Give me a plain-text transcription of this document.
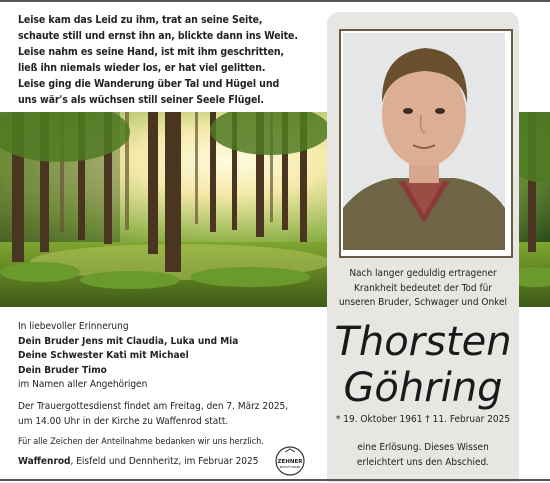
Leise kam das Leid zu ihm, trat an seine Seite,
schaute still und ernst ihn an, blickte dann ins Weite.
Leise nahm es seine Hand, ist mit ihm geschritten,
ließ ihn niemals wieder los, er hat viel gelitten.
Leise ging die Wanderung über Tal und Hügel und
uns wär's als wüchsen still seiner Seele Flügel.
Nach langer geduldig ertragener
Krankheit bedeutet der Tod für
unseren Bruder, Schwager und Onkel
Thorsten
Göhring
* 19. Oktober 1961 † 11. Februar 2025
eine Erlösung. Dieses Wissen
erleichtert uns den Abschied.
In liebevoller Erinnerung
Dein Bruder Jens mit Claudia, Luka und Mia
Deine Schwester Kati mit Michael
Dein Bruder Timo
im Namen aller Angehörigen
Der Trauergottesdienst findet am Freitag, den 7. März 2025,
um 14.00 Uhr in der Kirche zu Waffenrod statt.
Für alle Zeichen der Anteilnahme bedanken wir uns herzlich.
Waffenrod, Eisfeld und Dennheritz, im Februar 2025	ZEHNER
BESTATTUNGEN
